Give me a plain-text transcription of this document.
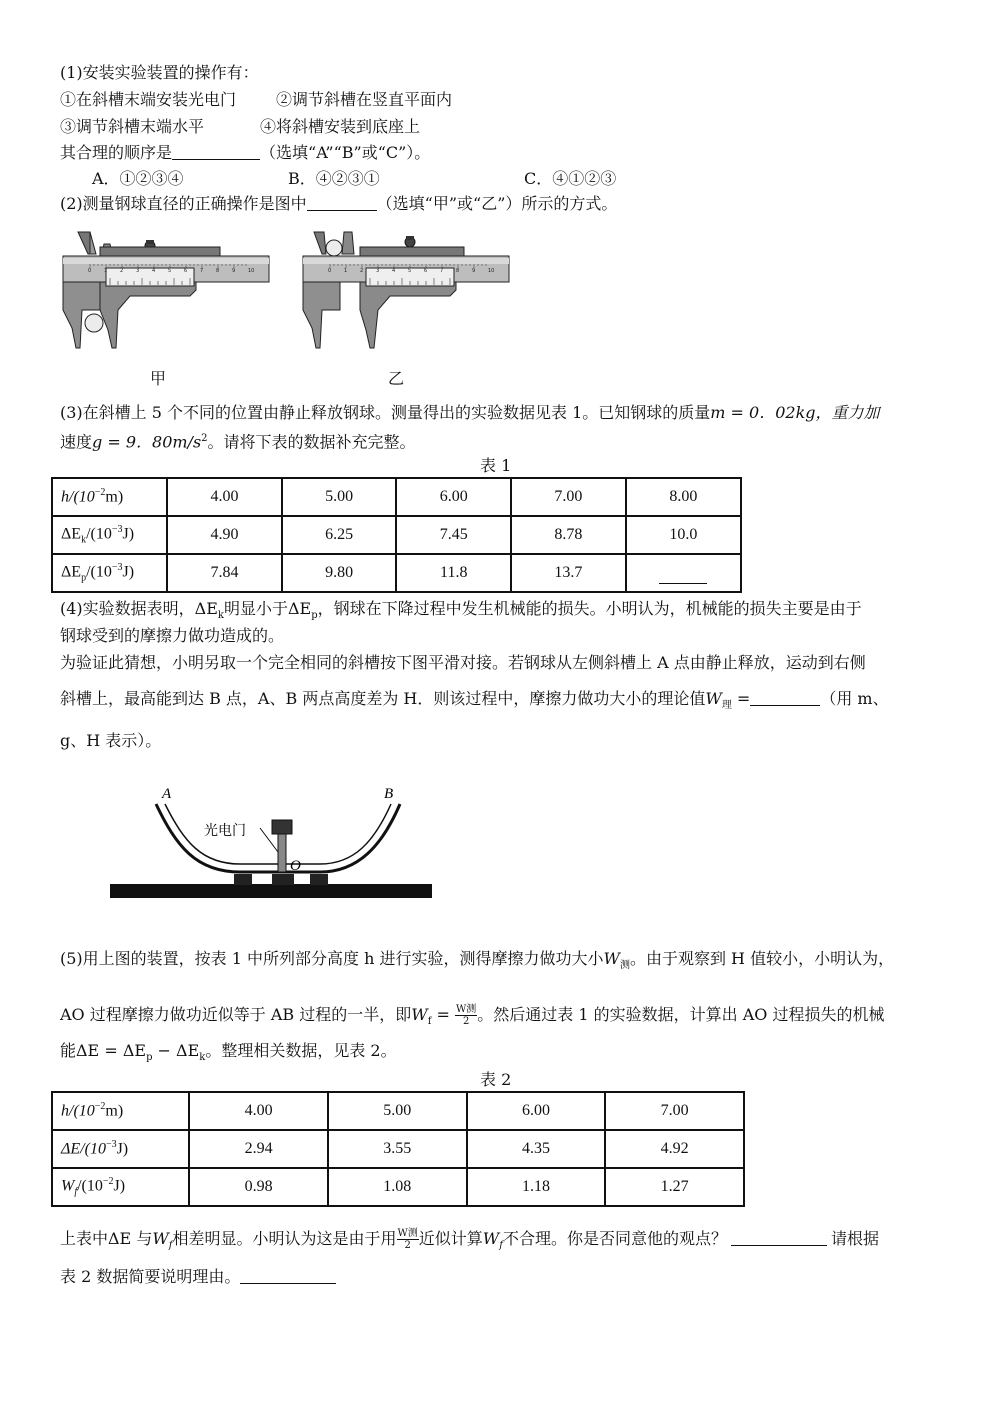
(1)安装实验装置的操作有：
①在斜槽末端安装光电门 ②调节斜槽在竖直平面内
③调节斜槽末端水平	④将斜槽安装到底座上
其合理的顺序是	（选填“A”“B”或“C”）。
A．①②③④	B．④②③①	C．④①②③
(2)测量钢球直径的正确操作是图中	（选填“甲”或“乙”）所示的方式。
0	1	2	3	4	5	6	7	8	9	10
甲
0	1	2	3	4	5	6	7	8	9	10
乙
(3)在斜槽上 5 个不同的位置由静止释放钢球。测量得出的实验数据见表 1。已知钢球的质量m = 0．02kg，重力加
速度g = 9．$80m/s^2$。请将下表的数据补充完整。
表 1
$h/(10^{-2}m)$	4.00	5.00	6.00	7.00	8.00
$\Delta E_k/(10^{-3}J)$	4.90	6.25	7.45	8.78	10.0
$\Delta E_p/(10^{-3}J)$	7.84	9.80	11.8	13.7	
(4)实验数据表明，$\Delta E_k$明显小于$\Delta E_p$，钢球在下降过程中发生机械能的损失。小明认为，机械能的损失主要是由于
钢球受到的摩擦力做功造成的。
为验证此猜想，小明另取一个完全相同的斜槽按下图平滑对接。若钢球从左侧斜槽上 A 点由静止释放，运动到右侧
斜槽上，最高能到达 B 点，A、B 两点高度差为 H．则该过程中，摩擦力做功大小的理论值$W_理$ =	（用 m、
g、H 表示）。
A	B
光电门
O
(5)用上图的装置，按表 1 中所列部分高度 h 进行实验，测得摩擦力做功大小$W_测$。由于观察到 H 值较小，小明认为，
AO 过程摩擦力做功近似等于 AB 过程的一半，即$W_f = \frac{\text{W测}}{2}$ 。然后通过表 1 的实验数据，计算出 AO 过程损失的机械
能$\Delta E = \Delta E_p - \Delta E_k$。整理相关数据，见表 2。
表 2
$h/(10^{-2}m)$	4.00	5.00	6.00	7.00
$\Delta E/(10^{-3}J)$	2.94	3.55	4.35	4.92
$W_f/(10^{-2}J)$	0.98	1.08	1.18	1.27
上表中ΔE 与$W_f$相差明显。小明认为这是由于用 $\frac{\text{W测}}{2}$ 近似计算$W_f$不合理。你是否同意他的观点？	请根据
表 2 数据简要说明理由。
